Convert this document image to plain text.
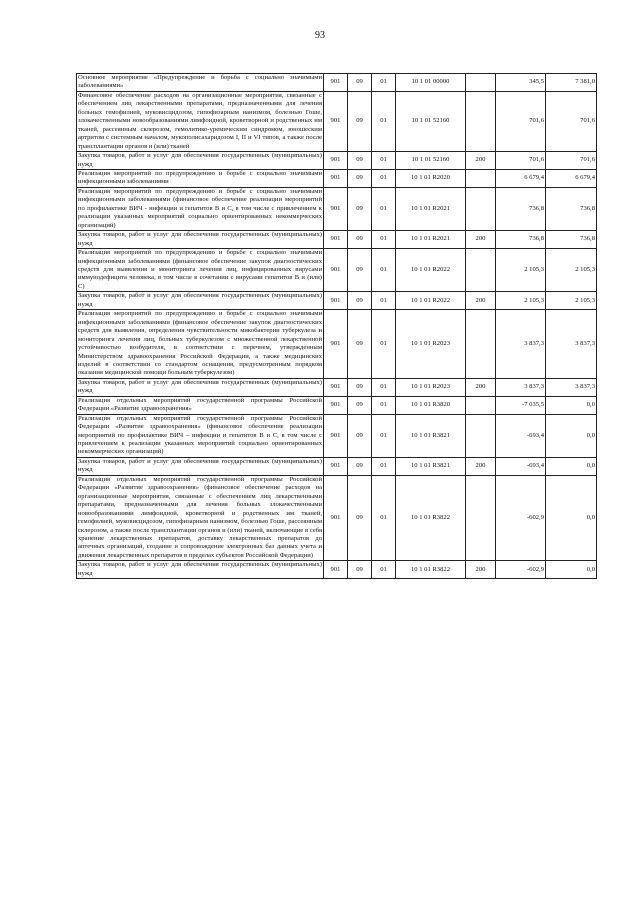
93
Основное мероприятие «Предупреждение и борьба с социально значимыми заболеваниями»	901	09	01	10 1 01 00000		345,5	7 381,0
Финансовое обеспечение расходов на организационные мероприятия, связанные с обеспечением лиц лекарственными препаратами, предназначенными для лечения больных гемофилией, муковисцидозом, гипофизарным нанизмом, болезнью Гоше, злокачественными новообразованиями лимфоидной, кроветворной и родственных им тканей, рассеянным склерозом, гемолитико-уремическим синдромом, юношеским артритом с системным началом, мукополисахаридозом I, II и VI типов, а также после трансплантации органов и (или) тканей	901	09	01	10 1 01 52160		701,6	701,6
Закупка товаров, работ и услуг для обеспечения государственных (муниципальных) нужд	901	09	01	10 1 01 52160	200	701,6	701,6
Реализация мероприятий по предупреждению и борьбе с социально значимыми инфекционными заболеваниями	901	09	01	10 1 01 R2020		6 679,4	6 679,4
Реализация мероприятий по предупреждению и борьбе с социально значимыми инфекционными заболеваниями (финансовое обеспечение реализации мероприятий по профилактике ВИЧ - инфекции и гепатитов В и С, в том числе с привлечением к реализации указанных мероприятий социально ориентированных некоммерческих организаций)	901	09	01	10 1 01 R2021		736,8	736,8
Закупка товаров, работ и услуг для обеспечения государственных (муниципальных) нужд	901	09	01	10 1 01 R2021	200	736,8	736,8
Реализация мероприятий по предупреждению и борьбе с социально значимыми инфекционными заболеваниями (финансовое обеспечение закупок диагностических средств для выявления и мониторинга лечения лиц, инфицированных вирусами иммунодефицита человека, в том числе в сочетании с вирусами гепатитов В и (или) С)	901	09	01	10 1 01 R2022		2 105,3	2 105,3
Закупка товаров, работ и услуг для обеспечения государственных (муниципальных) нужд	901	09	01	10 1 01 R2022	200	2 105,3	2 105,3
Реализация мероприятий по предупреждению и борьбе с социально значимыми инфекционными заболеваниями (финансовое обеспечение закупок диагностических средств для выявления, определения чувствительности микобактерии туберкулеза и мониторинга лечения лиц, больных туберкулезом с множественной лекарственной устойчивостью возбудителя, в соответствии с перечнем, утвержденным Министерством здравоохранения Российской Федерации, а также медицинских изделий в соответствии со стандартом оснащения, предусмотренным порядком оказания медицинской помощи больным туберкулезом)	901	09	01	10 1 01 R2023		3 837,3	3 837,3
Закупка товаров, работ и услуг для обеспечения государственных (муниципальных) нужд	901	09	01	10 1 01 R2023	200	3 837,3	3 837,3
Реализация отдельных мероприятий государственной программы Российской Федерации «Развитие здравоохранения»	901	09	01	10 1 01 R3820		-7 035,5	0,0
Реализация отдельных мероприятий государственной программы Российской Федерации «Развитие здравоохранения» (финансовое обеспечение реализации мероприятий по профилактике ВИЧ – инфекции и гепатитов В и С, в том числе с привлечением к реализации указанных мероприятий социально ориентированных некоммерческих организаций)	901	09	01	10 1 01 R3821		-693,4	0,0
Закупка товаров, работ и услуг для обеспечения государственных (муниципальных) нужд	901	09	01	10 1 01 R3821	200	-693,4	0,0
Реализация отдельных мероприятий государственной программы Российской Федерации «Развитие здравоохранения» (финансовое обеспечение расходов на организационные мероприятия, связанные с обеспечением лиц лекарственными препаратами, предназначенными для лечения больных злокачественными новообразованиями лимфоидной, кроветворной и родственных им тканей, гемофилией, муковисцидозом, гипофизарным нанизмом, болезнью Гоше, рассеянным склерозом, а также после трансплантации органов и (или) тканей, включающие в себя хранение лекарственных препаратов, доставку лекарственных препаратов до аптечных организаций, создание и сопровождение электронных баз данных учета и движения лекарственных препаратов в пределах субъектов Российской Федерации)	901	09	01	10 1 01 R3822		-602,9	0,0
Закупка товаров, работ и услуг для обеспечения государственных (муниципальных) нужд	901	09	01	10 1 01 R3822	200	-602,9	0,0
